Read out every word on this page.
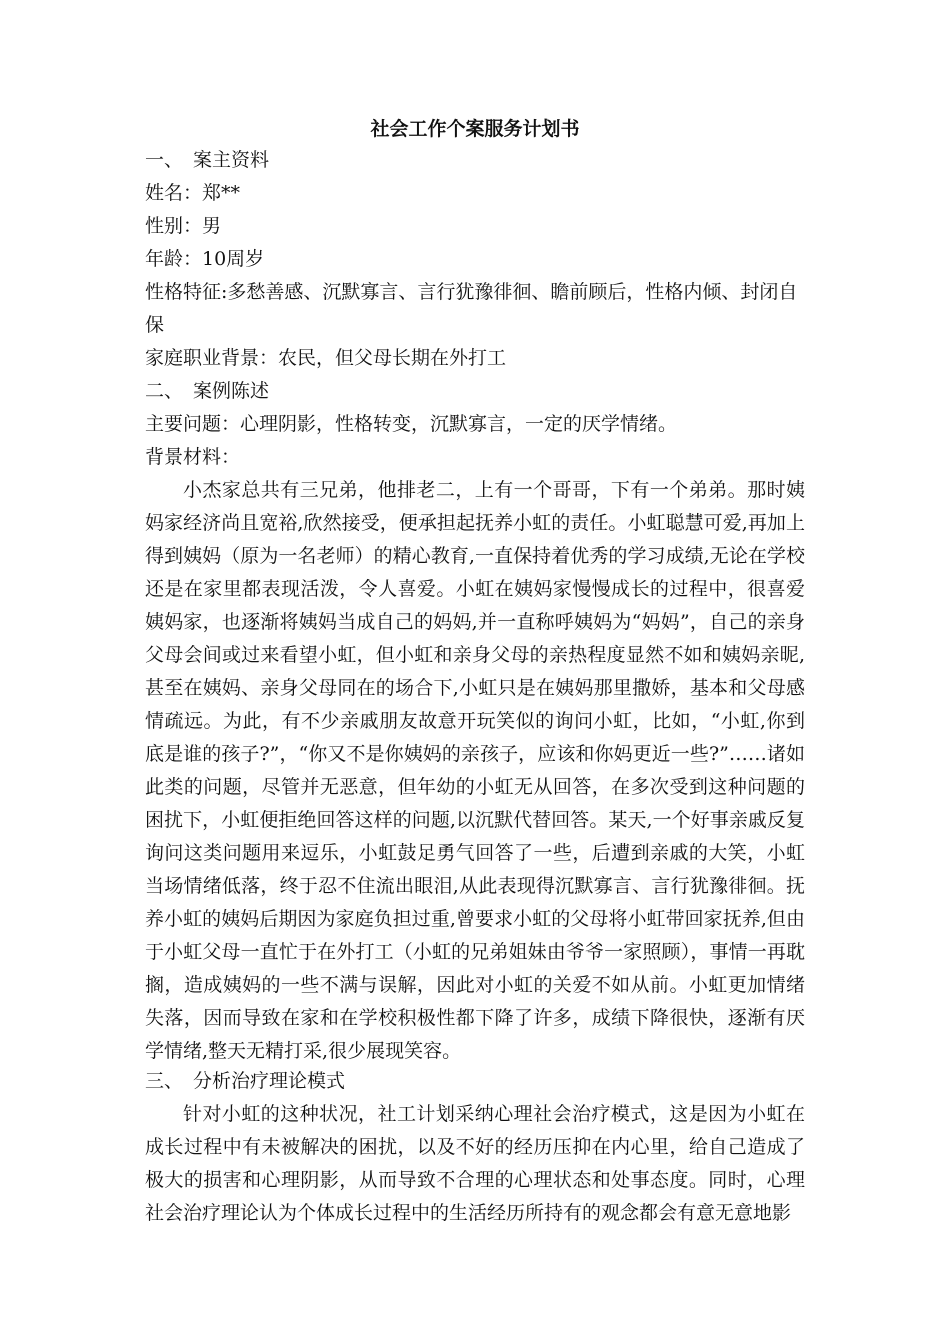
社会工作个案服务计划书
一、 案主资料
姓名：郑**
性别：男
年龄：10周岁
性格特征:多愁善感、沉默寡言、言行犹豫徘徊、瞻前顾后，性格内倾、封闭自
保
家庭职业背景：农民，但父母长期在外打工
二、 案例陈述
主要问题：心理阴影，性格转变，沉默寡言，一定的厌学情绪。
背景材料：
小杰家总共有三兄弟，他排老二，上有一个哥哥，下有一个弟弟。那时姨妈家经济尚且宽裕,欣然接受，便承担起抚养小虹的责任。小虹聪慧可爱,再加上得到姨妈（原为一名老师）的精心教育,一直保持着优秀的学习成绩,无论在学校还是在家里都表现活泼，令人喜爱。小虹在姨妈家慢慢成长的过程中，很喜爱姨妈家，也逐渐将姨妈当成自己的妈妈,并一直称呼姨妈为“妈妈”，自己的亲身父母会间或过来看望小虹，但小虹和亲身父母的亲热程度显然不如和姨妈亲昵,甚至在姨妈、亲身父母同在的场合下,小虹只是在姨妈那里撒娇，基本和父母感情疏远。为此，有不少亲戚朋友故意开玩笑似的询问小虹，比如，“小虹,你到底是谁的孩子?”，“你又不是你姨妈的亲孩子，应该和你妈更近一些?”……诸如此类的问题，尽管并无恶意，但年幼的小虹无从回答，在多次受到这种问题的困扰下，小虹便拒绝回答这样的问题,以沉默代替回答。某天,一个好事亲戚反复询问这类问题用来逗乐，小虹鼓足勇气回答了一些，后遭到亲戚的大笑，小虹当场情绪低落，终于忍不住流出眼泪,从此表现得沉默寡言、言行犹豫徘徊。抚养小虹的姨妈后期因为家庭负担过重,曾要求小虹的父母将小虹带回家抚养,但由于小虹父母一直忙于在外打工（小虹的兄弟姐妹由爷爷一家照顾），事情一再耽搁，造成姨妈的一些不满与误解，因此对小虹的关爱不如从前。小虹更加情绪失落，因而导致在家和在学校积极性都下降了许多，成绩下降很快，逐渐有厌学情绪,整天无精打采,很少展现笑容。
三、 分析治疗理论模式
针对小虹的这种状况，社工计划采纳心理社会治疗模式，这是因为小虹在成长过程中有未被解决的困扰，以及不好的经历压抑在内心里，给自己造成了极大的损害和心理阴影，从而导致不合理的心理状态和处事态度。同时，心理社会治疗理论认为个体成长过程中的生活经历所持有的观念都会有意无意地影
